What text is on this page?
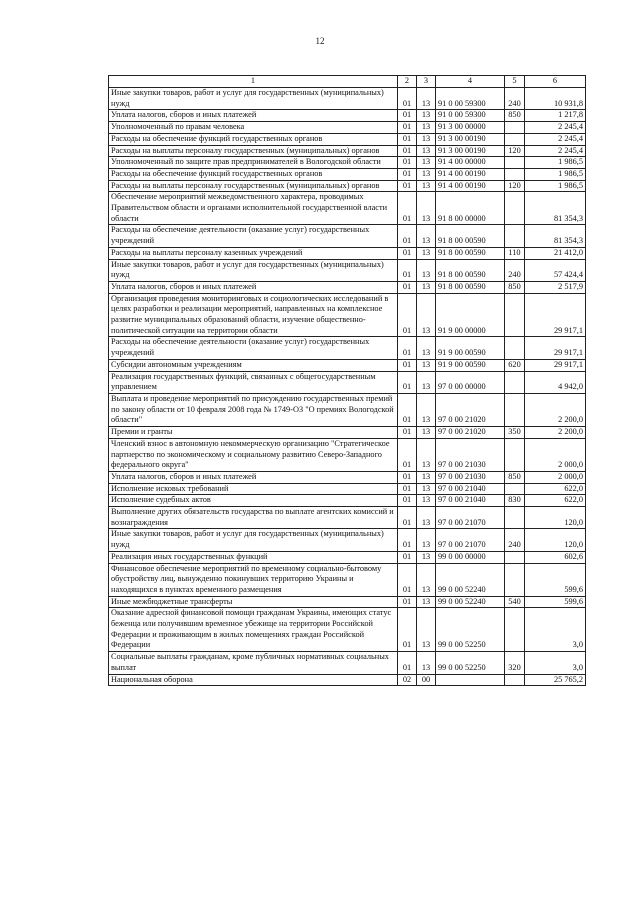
12
1	2	3	4	5	6
Иные закупки товаров, работ и услуг для государственных (муниципальных) нужд	01	13	91 0 00 59300	240	10 931,8
Уплата налогов, сборов и иных платежей	01	13	91 0 00 59300	850	1 217,8
Уполномоченный по правам человека	01	13	91 3 00 00000		2 245,4
Расходы на обеспечение функций государственных органов	01	13	91 3 00 00190		2 245,4
Расходы на выплаты персоналу государственных (муниципальных) органов	01	13	91 3 00 00190	120	2 245,4
Уполномоченный по защите прав предпринимателей в Вологодской области	01	13	91 4 00 00000		1 986,5
Расходы на обеспечение функций государственных органов	01	13	91 4 00 00190		1 986,5
Расходы на выплаты персоналу государственных (муниципальных) органов	01	13	91 4 00 00190	120	1 986,5
Обеспечение мероприятий межведомственного характера, проводимых Правительством области и органами исполнительной государственной власти области	01	13	91 8 00 00000		81 354,3
Расходы на обеспечение деятельности (оказание услуг) государственных учреждений	01	13	91 8 00 00590		81 354,3
Расходы на выплаты персоналу казенных учреждений	01	13	91 8 00 00590	110	21 412,0
Иные закупки товаров, работ и услуг для государственных (муниципальных) нужд	01	13	91 8 00 00590	240	57 424,4
Уплата налогов, сборов и иных платежей	01	13	91 8 00 00590	850	2 517,9
Организация проведения мониторинговых и социологических исследований в целях разработки и реализации мероприятий, направленных на комплексное развитие муниципальных образований области, изучение общественно-политической ситуации на территории области	01	13	91 9 00 00000		29 917,1
Расходы на обеспечение деятельности (оказание услуг) государственных учреждений	01	13	91 9 00 00590		29 917,1
Субсидии автономным учреждениям	01	13	91 9 00 00590	620	29 917,1
Реализация государственных функций, связанных с общегосударственным управлением	01	13	97 0 00 00000		4 942,0
Выплата и проведение мероприятий по присуждению государственных премий по закону области от 10 февраля 2008 года № 1749-ОЗ "О премиях Вологодской области"	01	13	97 0 00 21020		2 200,0
Премии и гранты	01	13	97 0 00 21020	350	2 200,0
Членский взнос в автономную некоммерческую организацию "Стратегическое партнерство по экономическому и социальному развитию Северо-Западного федерального округа"	01	13	97 0 00 21030		2 000,0
Уплата налогов, сборов и иных платежей	01	13	97 0 00 21030	850	2 000,0
Исполнение исковых требований	01	13	97 0 00 21040		622,0
Исполнение судебных актов	01	13	97 0 00 21040	830	622,0
Выполнение других обязательств государства по выплате агентских комиссий и вознаграждения	01	13	97 0 00 21070		120,0
Иные закупки товаров, работ и услуг для государственных (муниципальных) нужд	01	13	97 0 00 21070	240	120,0
Реализация иных государственных функций	01	13	99 0 00 00000		602,6
Финансовое обеспечение мероприятий по временному социально-бытовому обустройству лиц, вынужденно покинувших территорию Украины и находящихся в пунктах временного размещения	01	13	99 0 00 52240		599,6
Иные межбюджетные трансферты	01	13	99 0 00 52240	540	599,6
Оказание адресной финансовой помощи гражданам Украины, имеющих статус беженца или получившим временное убежище на территории Российской Федерации и проживающим в жилых помещениях граждан Российской Федерации	01	13	99 0 00 52250		3,0
Социальные выплаты гражданам, кроме публичных нормативных социальных выплат	01	13	99 0 00 52250	320	3,0
Национальная оборона	02	00			25 765,2
